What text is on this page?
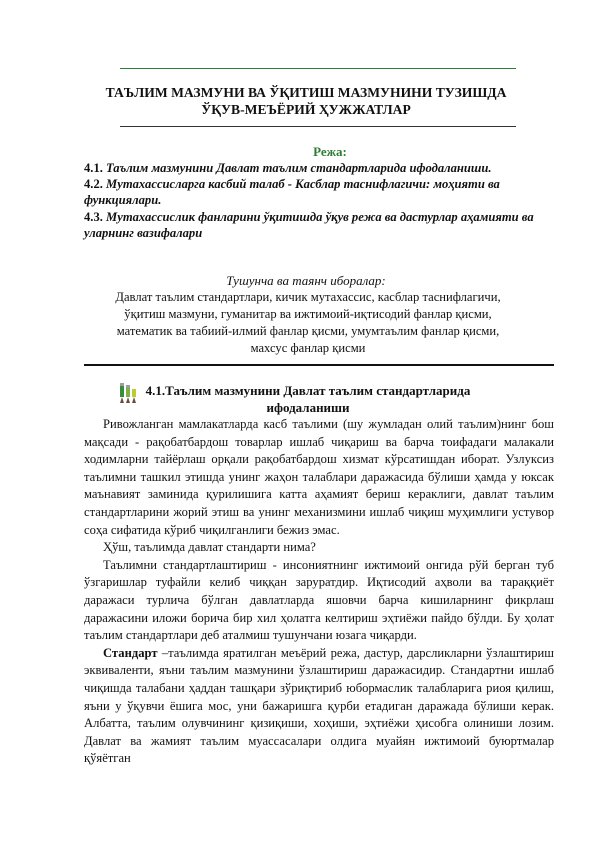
ТАЪЛИМ МАЗМУНИ ВА ЎҚИТИШ МАЗМУНИНИ ТУЗИШДА
ЎҚУВ-МЕЪЁРИЙ ҲУЖЖАТЛАР

Режа:

4.1. Таълим мазмунини Давлат таълим стандартларида ифодаланиши.

4.2. Мутахассисларга касбий талаб - Касблар таснифлагичи: моҳияти ва функциялари.

4.3. Мутахассислик фанларини ўқитишда ўқув режа ва дастурлар аҳамияти ва уларнинг вазифалари

Тушунча ва таянч иборалар:

Давлат таълим стандартлари, кичик мутахассис, касблар таснифлагичи, ўқитиш мазмуни, гуманитар ва ижтимоий-иқтисодий фанлар қисми, математик ва табиий-илмий фанлар қисми, умумтаълим фанлар қисми, махсус фанлар қисми

4.1.Таълим мазмунини Давлат таълим стандартларида ифодаланиши

Ривожланган мамлакатларда касб таълими (шу жумладан олий таълим)нинг бош мақсади - рақобатбардош товарлар ишлаб чиқариш ва барча тоифадаги малакали ходимларни тайёрлаш орқали рақобатбардош хизмат кўрсатишдан иборат. Узлуксиз таълимни ташкил этишда унинг жаҳон талаблари даражасида бўлиши ҳамда у юксак маънавият заминида қурилишига катта аҳамият бериш кераклиги, давлат таълим стандартларини жорий этиш ва унинг механизмини ишлаб чиқиш муҳимлиги устувор соҳа сифатида кўриб чиқилганлиги бежиз эмас.

Ҳўш, таълимда давлат стандарти нима?

Таълимни стандартлаштириш - инсониятнинг ижтимоий онгида рўй берган туб ўзгаришлар туфайли келиб чиққан заруратдир. Иқтисодий аҳволи ва тараққиёт даражаси турлича бўлган давлатларда яшовчи барча кишиларнинг фикрлаш даражасини иложи борича бир хил ҳолатга келтириш эҳтиёжи пайдо бўлди. Бу ҳолат таълим стандартлари деб аталмиш тушунчани юзага чиқарди.

Стандарт –таълимда яратилган меъёрий режа, дастур, дарсликларни ўзлаштириш эквиваленти, яъни таълим мазмунини ўзлаштириш даражасидир. Стандартни ишлаб чиқишда талабани ҳаддан ташқари зўриқтириб юбормаслик талабларига риоя қилиш, яъни у ўқувчи ёшига мос, уни бажаришга қурби етадиган даражада бўлиши керак. Албатта, таълим олувчининг қизиқиши, хоҳиши, эҳтиёжи ҳисобга олиниши лозим. Давлат ва жамият таълим муассасалари олдига муайян ижтимоий буюртмалар қўяётган
